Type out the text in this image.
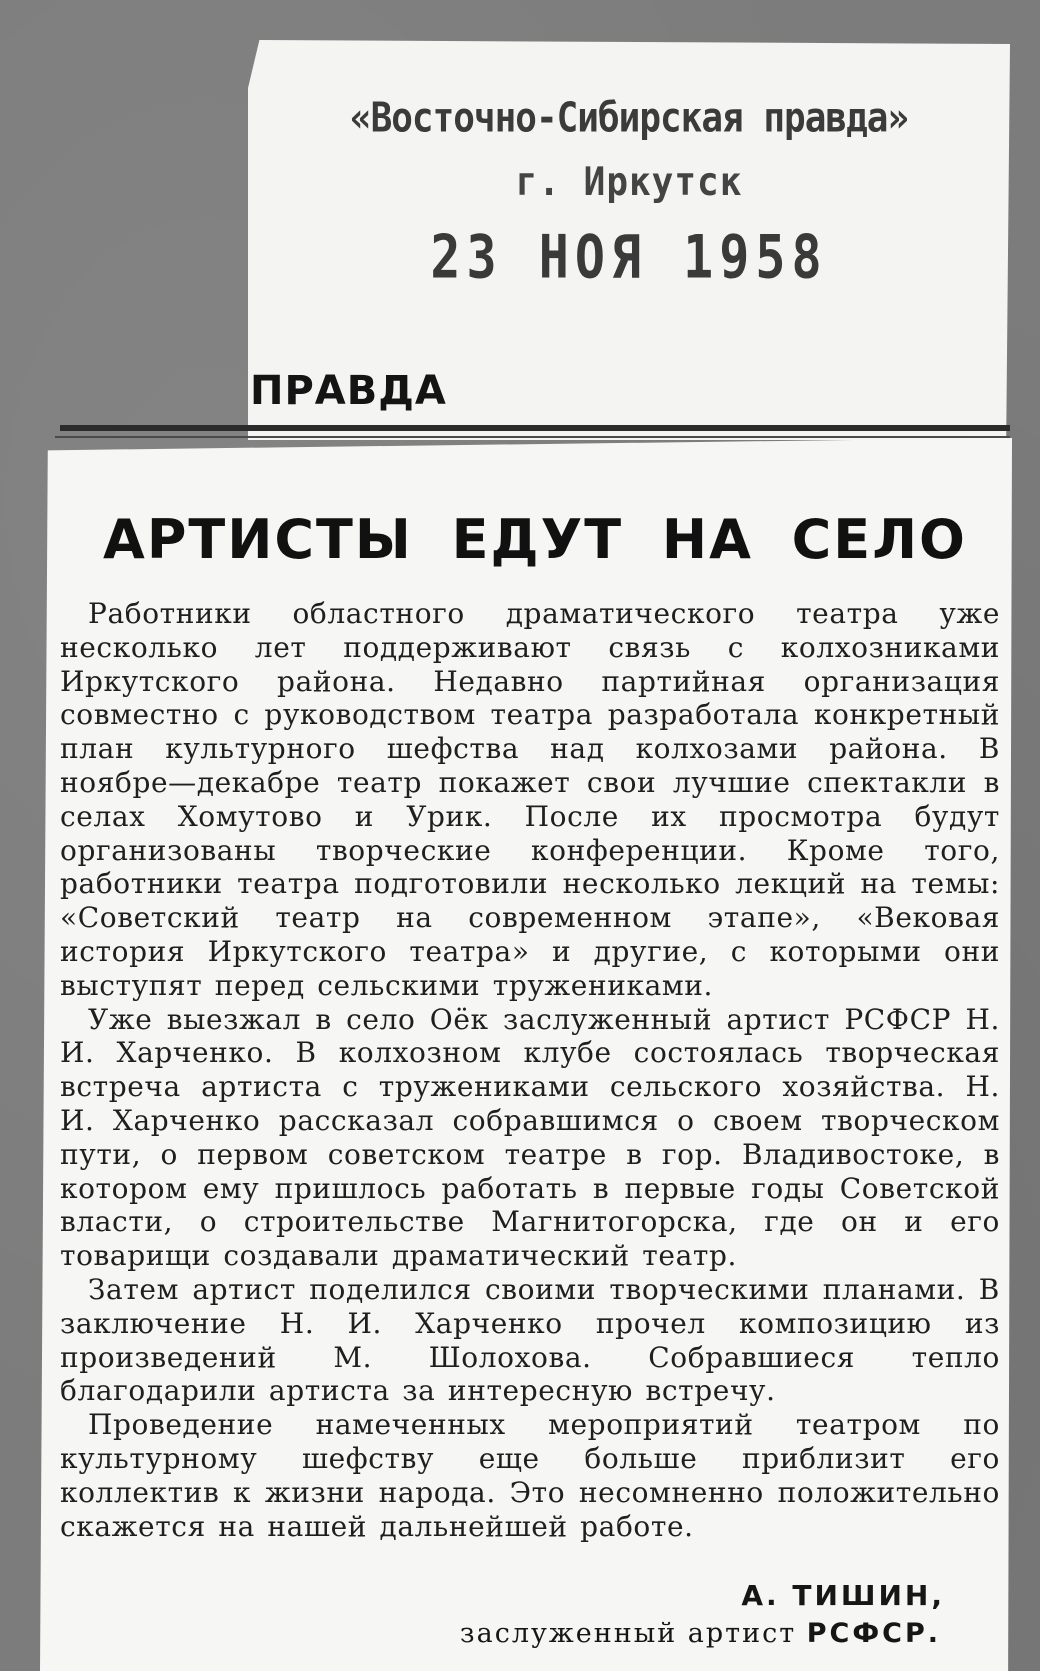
«Восточно-Сибирская правда»
г. Иркутск
23 НОЯ 1958
ПРАВДА
АРТИСТЫ ЕДУТ НА СЕЛО

Работники областного драматического театра уже несколько лет поддерживают связь с колхозниками Иркутского района. Недавно партийная организация совместно с руководством театра разработала конкретный план культурного шефства над колхозами района. В ноябре—декабре театр покажет свои лучшие спектакли в селах Хомутово и Урик. После их просмотра будут организованы творческие конференции. Кроме того, работники театра подготовили несколько лекций на темы: «Советский театр на современном этапе», «Вековая история Иркутского театра» и другие, с которыми они выступят перед сельскими тружениками.

Уже выезжал в село Оёк заслуженный артист РСФСР Н. И. Харченко. В колхозном клубе состоялась творческая встреча артиста с тружениками сельского хозяйства. Н. И. Харченко рассказал собравшимся о своем творческом пути, о первом советском театре в гор. Владивостоке, в котором ему пришлось работать в первые годы Советской власти, о строительстве Магнитогорска, где он и его товарищи создавали драматический театр.

Затем артист поделился своими творческими планами. В заключение Н. И. Харченко прочел композицию из произведений М. Шолохова. Собравшиеся тепло благодарили артиста за интересную встречу.

Проведение намеченных мероприятий театром по культурному шефству еще больше приблизит его коллектив к жизни народа. Это несомненно положительно скажется на нашей дальнейшей работе.

А. ТИШИН,
заслуженный артист РСФСР.
